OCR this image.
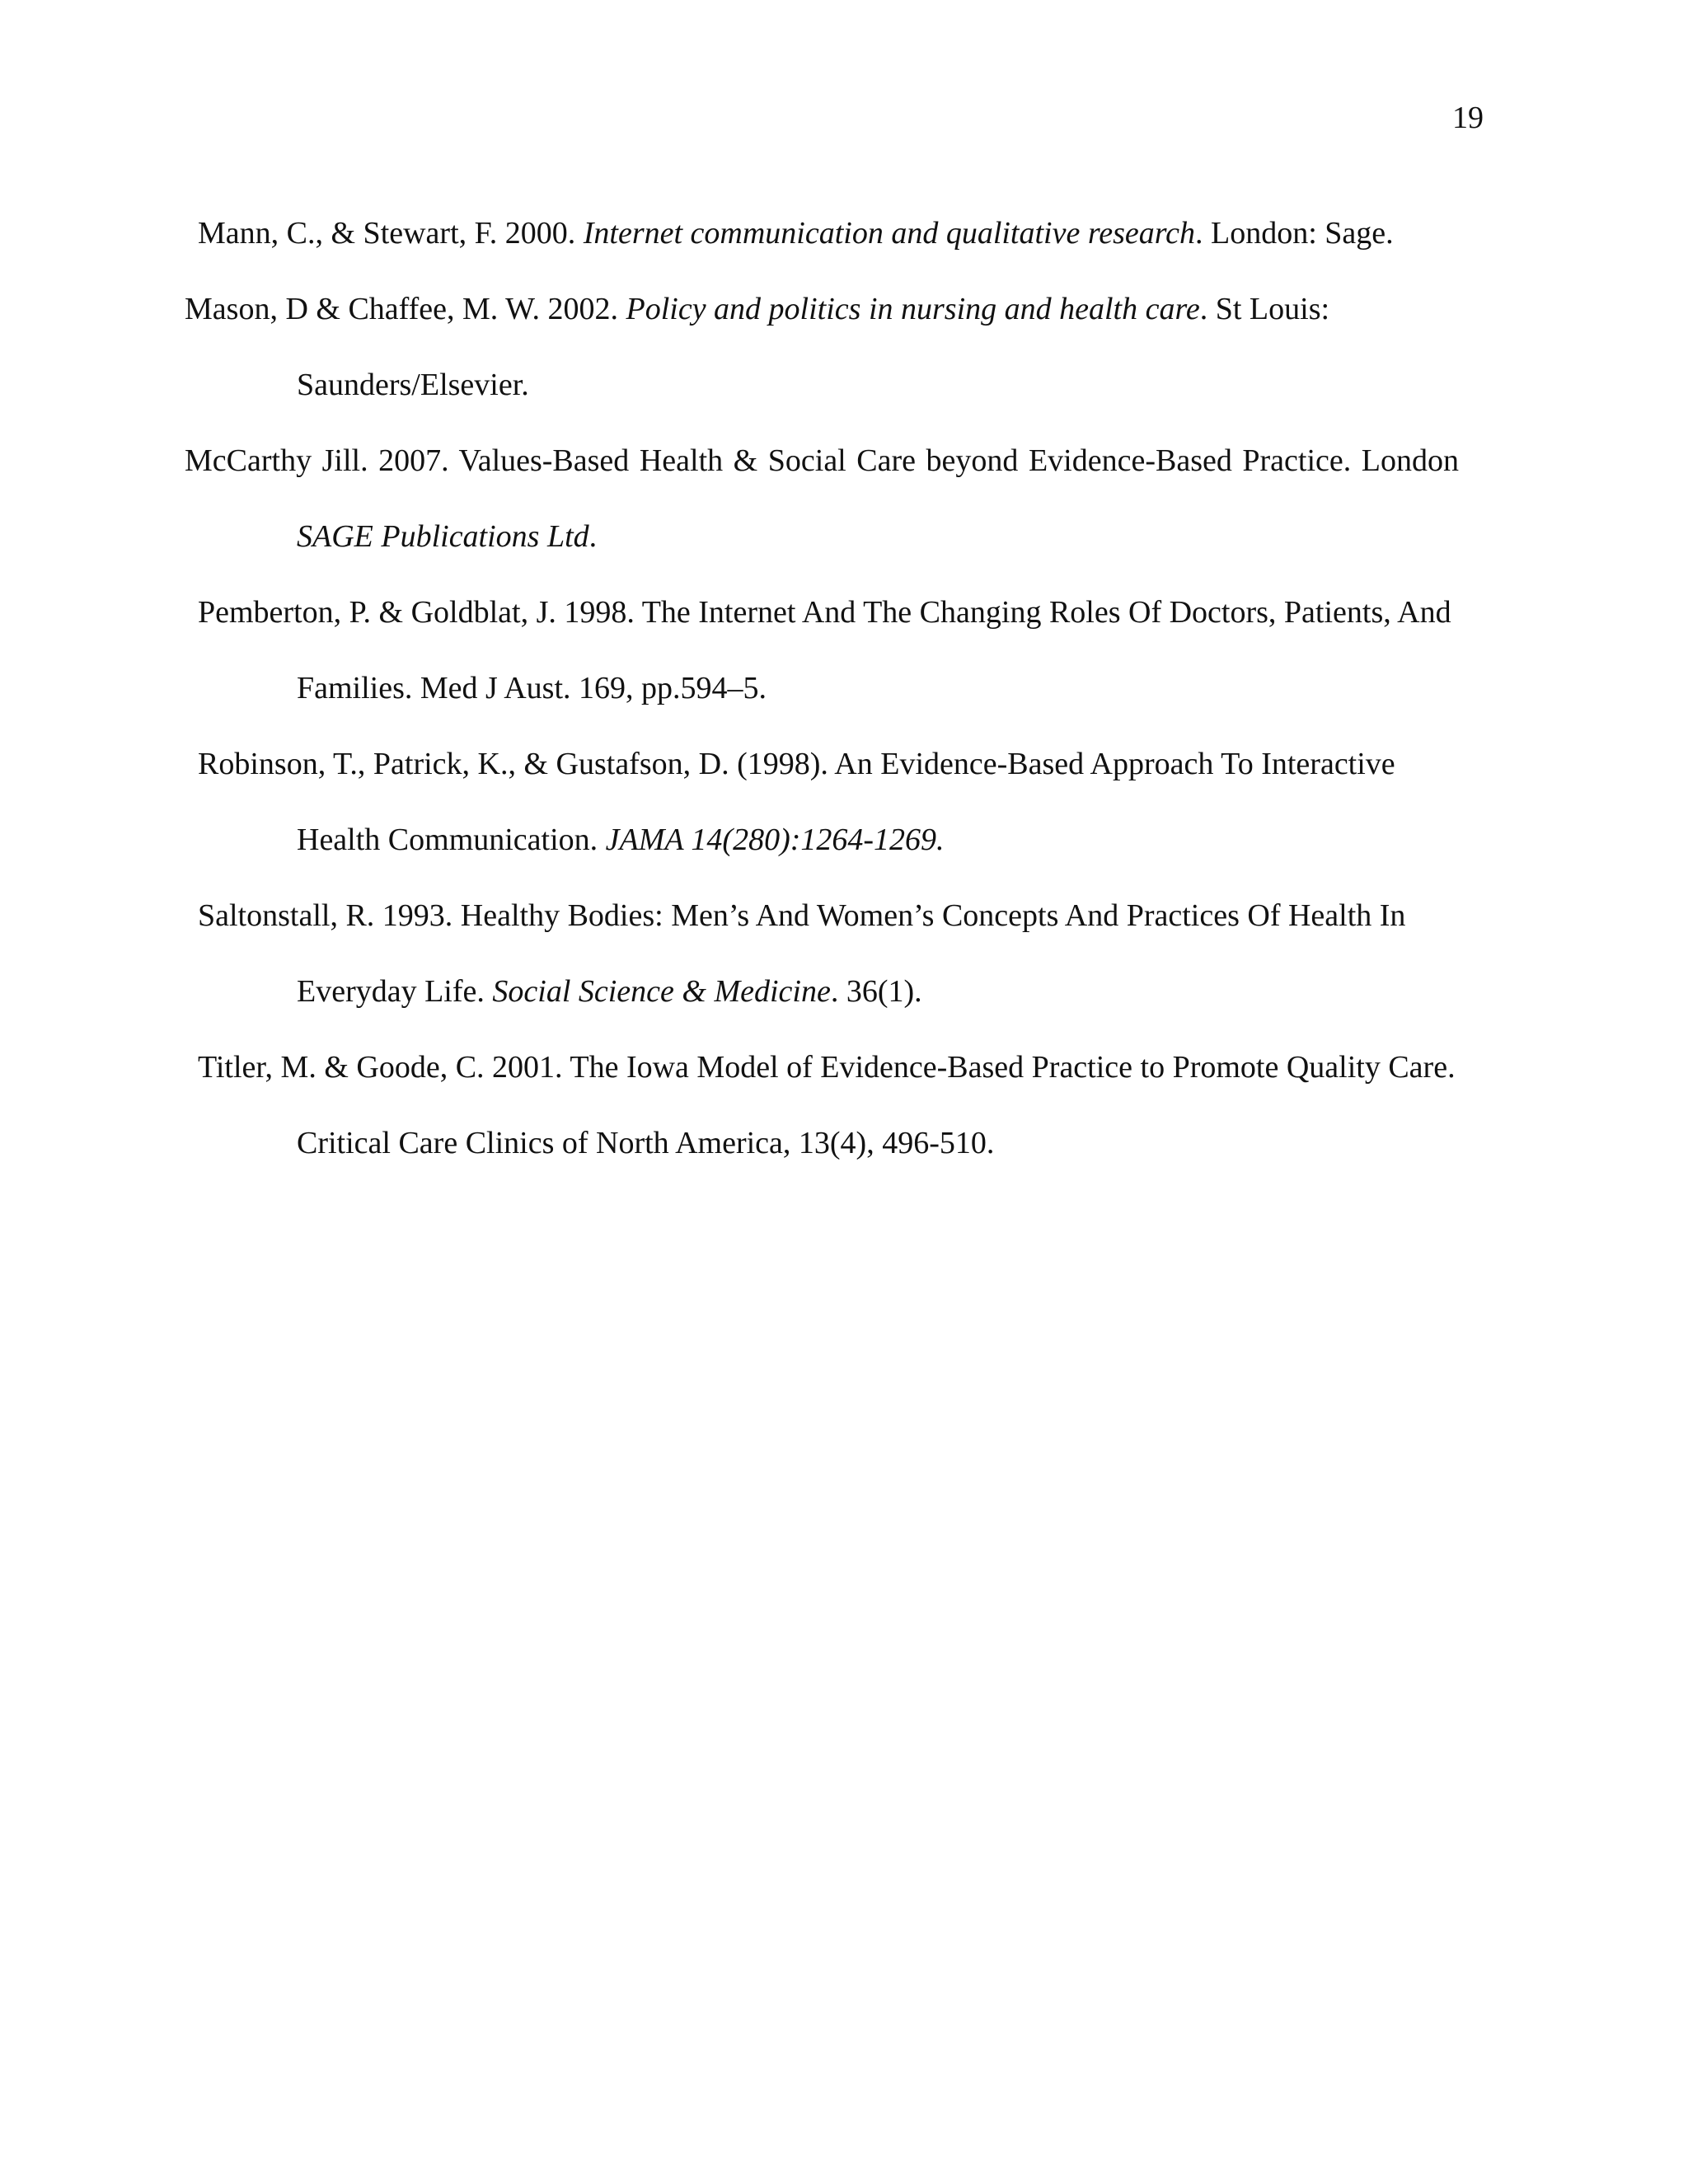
19
Mann, C., & Stewart, F. 2000. Internet communication and qualitative research. London: Sage.
Mason, D & Chaffee, M. W. 2002. Policy and politics in nursing and health care. St Louis: Saunders/Elsevier.
McCarthy Jill. 2007. Values-Based Health & Social Care beyond Evidence-Based Practice. London SAGE Publications Ltd.
Pemberton, P. & Goldblat, J. 1998. The Internet And The Changing Roles Of Doctors, Patients, And Families. Med J Aust. 169, pp.594–5.
Robinson, T., Patrick, K., & Gustafson, D. (1998). An Evidence-Based Approach To Interactive Health Communication. JAMA 14(280):1264-1269.
Saltonstall, R. 1993. Healthy Bodies: Men’s And Women’s Concepts And Practices Of Health In Everyday Life. Social Science & Medicine. 36(1).
Titler, M. & Goode, C. 2001. The Iowa Model of Evidence-Based Practice to Promote Quality Care. Critical Care Clinics of North America, 13(4), 496-510.
